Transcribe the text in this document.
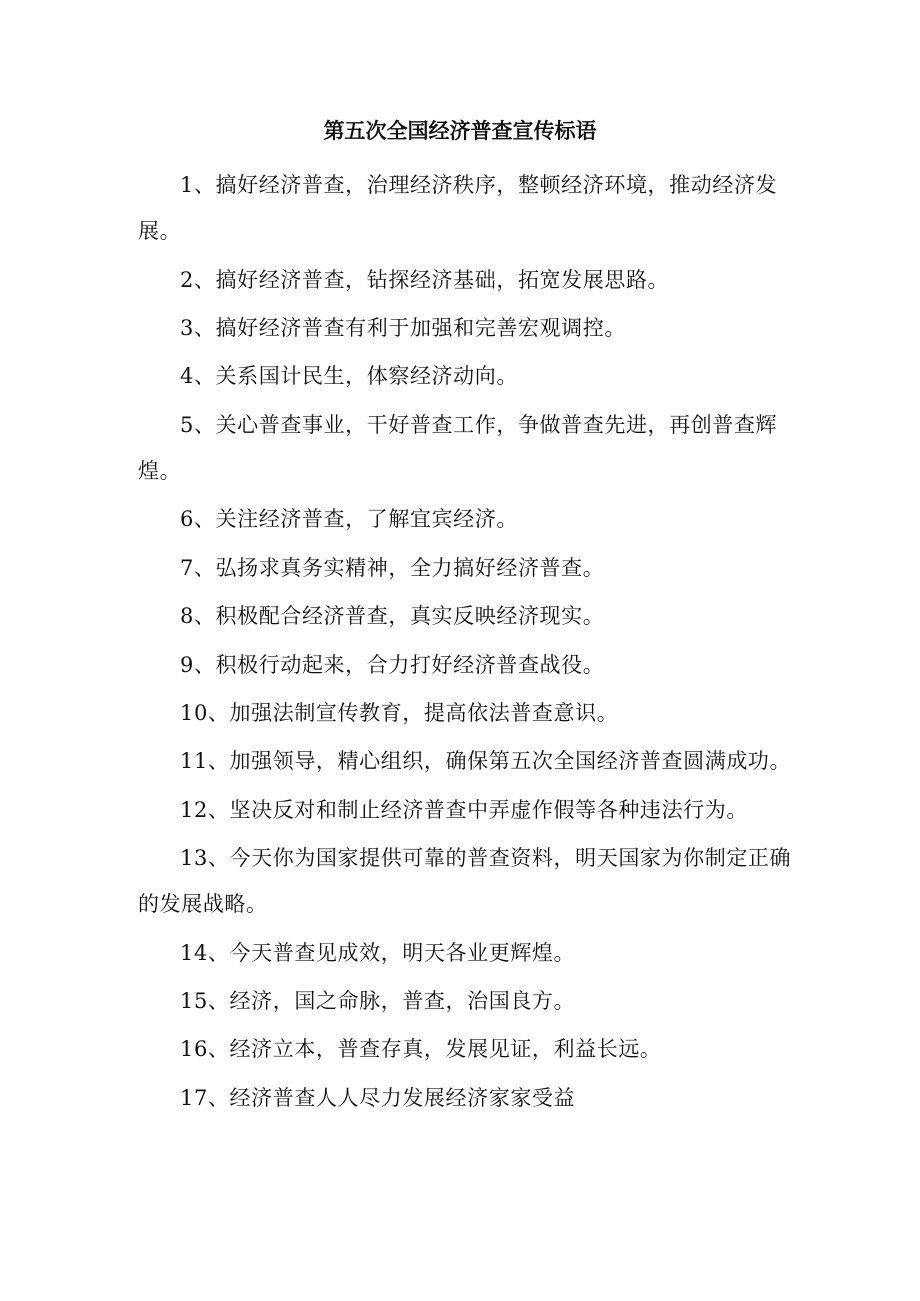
第五次全国经济普查宣传标语

1、搞好经济普查，治理经济秩序，整顿经济环境，推动经济发展。

2、搞好经济普查，钻探经济基础，拓宽发展思路。

3、搞好经济普查有利于加强和完善宏观调控。

4、关系国计民生，体察经济动向。

5、关心普查事业，干好普查工作，争做普查先进，再创普查辉煌。

6、关注经济普查，了解宜宾经济。

7、弘扬求真务实精神，全力搞好经济普查。

8、积极配合经济普查，真实反映经济现实。

9、积极行动起来，合力打好经济普查战役。

10、加强法制宣传教育，提高依法普查意识。

11、加强领导，精心组织，确保第五次全国经济普查圆满成功。

12、坚决反对和制止经济普查中弄虚作假等各种违法行为。

13、今天你为国家提供可靠的普查资料，明天国家为你制定正确的发展战略。

14、今天普查见成效，明天各业更辉煌。

15、经济，国之命脉，普查，治国良方。

16、经济立本，普查存真，发展见证，利益长远。

17、经济普查人人尽力发展经济家家受益
